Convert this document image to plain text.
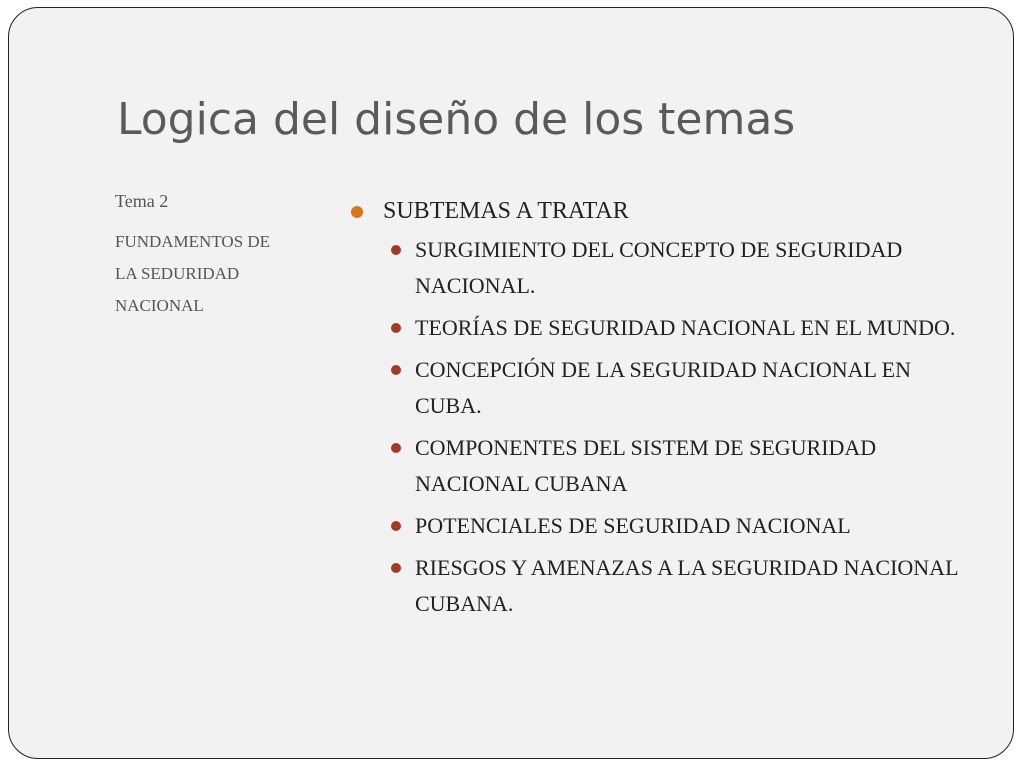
Logica del diseño de los temas

Tema 2

FUNDAMENTOS DE LA SEDURIDAD NACIONAL

SUBTEMAS A TRATAR
SURGIMIENTO DEL CONCEPTO DE SEGURIDAD NACIONAL.
TEORÍAS DE SEGURIDAD NACIONAL EN EL MUNDO.
CONCEPCIÓN DE LA SEGURIDAD NACIONAL EN CUBA.
COMPONENTES DEL SISTEM DE SEGURIDAD NACIONAL CUBANA
POTENCIALES DE SEGURIDAD NACIONAL
RIESGOS Y AMENAZAS A LA SEGURIDAD NACIONAL CUBANA.
